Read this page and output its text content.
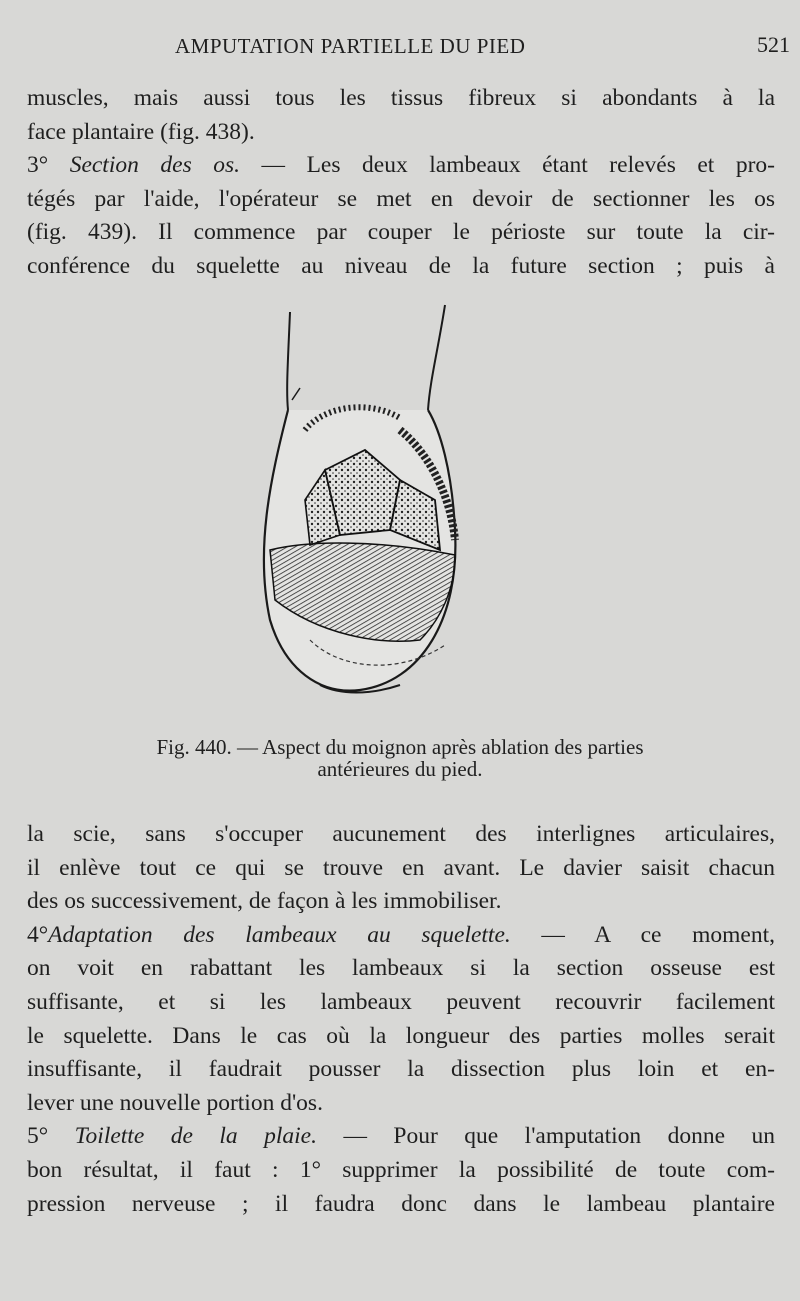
AMPUTATION PARTIELLE DU PIED	521
muscles, mais aussi tous les tissus fibreux si abondants à la
face plantaire (fig. 438).
3° Section des os. — Les deux lambeaux étant relevés et pro-
tégés par l'aide, l'opérateur se met en devoir de sectionner les os
(fig. 439). Il commence par couper le périoste sur toute la cir-
conférence du squelette au niveau de la future section ; puis à
Fig. 440. — Aspect du moignon après ablation des parties
antérieures du pied.
la scie, sans s'occuper aucunement des interlignes articulaires,
il enlève tout ce qui se trouve en avant. Le davier saisit chacun
des os successivement, de façon à les immobiliser.
4°Adaptation des lambeaux au squelette. — A ce moment,
on voit en rabattant les lambeaux si la section osseuse est
suffisante, et si les lambeaux peuvent recouvrir facilement
le squelette. Dans le cas où la longueur des parties molles serait
insuffisante, il faudrait pousser la dissection plus loin et en-
lever une nouvelle portion d'os.
5° Toilette de la plaie. — Pour que l'amputation donne un
bon résultat, il faut : 1° supprimer la possibilité de toute com-
pression nerveuse ; il faudra donc dans le lambeau plantaire
